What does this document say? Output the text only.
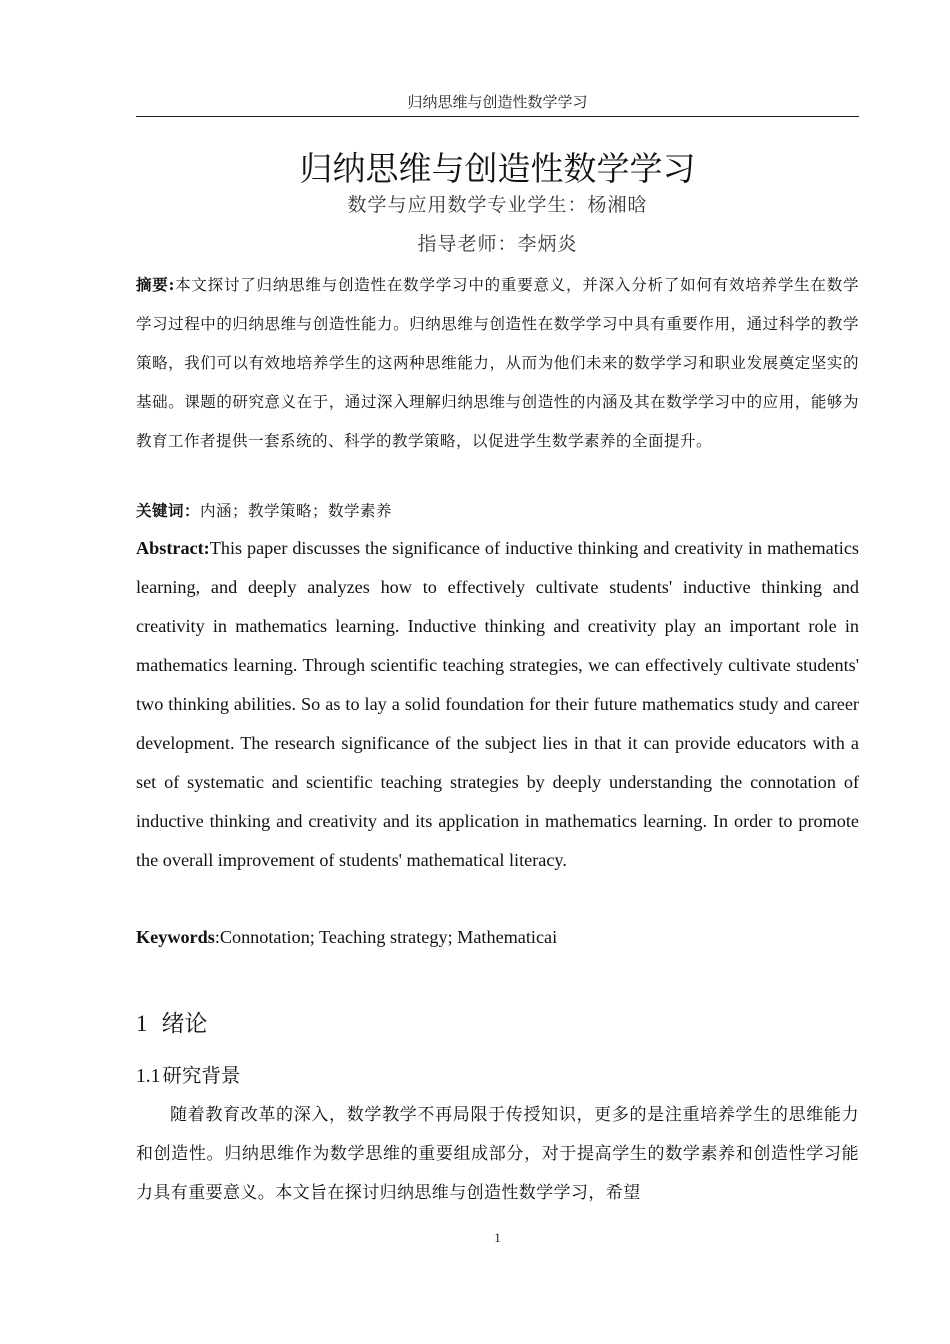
归纳思维与创造性数学学习
归纳思维与创造性数学学习
数学与应用数学专业学生：杨湘晗
指导老师：李炳炎
摘要:本文探讨了归纳思维与创造性在数学学习中的重要意义，并深入分析了如何有效培养学生在数学学习过程中的归纳思维与创造性能力。归纳思维与创造性在数学学习中具有重要作用，通过科学的教学策略，我们可以有效地培养学生的这两种思维能力，从而为他们未来的数学学习和职业发展奠定坚实的基础。课题的研究意义在于，通过深入理解归纳思维与创造性的内涵及其在数学学习中的应用，能够为教育工作者提供一套系统的、科学的教学策略，以促进学生数学素养的全面提升。
关键词：内涵；教学策略；数学素养
Abstract:This paper discusses the significance of inductive thinking and creativity in mathematics learning, and deeply analyzes how to effectively cultivate students' inductive thinking and creativity in mathematics learning. Inductive thinking and creativity play an important role in mathematics learning. Through scientific teaching strategies, we can effectively cultivate students' two thinking abilities. So as to lay a solid foundation for their future mathematics study and career development. The research significance of the subject lies in that it can provide educators with a set of systematic and scientific teaching strategies by deeply understanding the connotation of inductive thinking and creativity and its application in mathematics learning. In order to promote the overall improvement of students' mathematical literacy.
Keywords:Connotation; Teaching strategy; Mathematicai
1 绪论
1.1 研究背景
随着教育改革的深入，数学教学不再局限于传授知识，更多的是注重培养学生的思维能力和创造性。归纳思维作为数学思维的重要组成部分，对于提高学生的数学素养和创造性学习能力具有重要意义。本文旨在探讨归纳思维与创造性数学学习，希望
1
